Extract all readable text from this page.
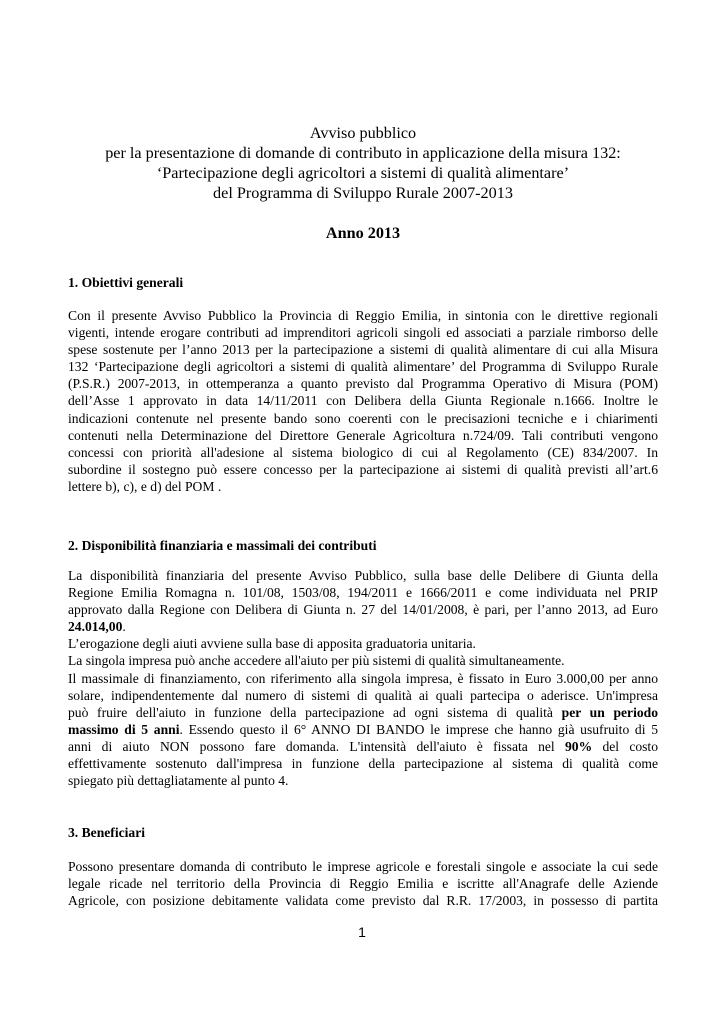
Avviso pubblico
per la presentazione di domande di contributo in applicazione della misura 132:
‘Partecipazione degli agricoltori a sistemi di qualità alimentare’
del Programma di Sviluppo Rurale 2007-2013
Anno 2013
1. Obiettivi generali
Con il presente Avviso Pubblico la Provincia di Reggio Emilia, in sintonia con le direttive regionali
vigenti, intende erogare contributi ad imprenditori agricoli singoli ed associati a parziale rimborso delle
spese sostenute per l’anno 2013 per la partecipazione a sistemi di qualità alimentare di cui alla Misura
132 ‘Partecipazione degli agricoltori a sistemi di qualità alimentare’ del Programma di Sviluppo Rurale
(P.S.R.) 2007-2013, in ottemperanza a quanto previsto dal Programma Operativo di Misura (POM)
dell’Asse 1 approvato in data 14/11/2011 con Delibera della Giunta Regionale n.1666. Inoltre le
indicazioni contenute nel presente bando sono coerenti con le precisazioni tecniche e i chiarimenti
contenuti nella Determinazione del Direttore Generale Agricoltura n.724/09. Tali contributi vengono
concessi con priorità all'adesione al sistema biologico di cui al Regolamento (CE) 834/2007. In
subordine il sostegno può essere concesso per la partecipazione ai sistemi di qualità previsti all’art.6
lettere b), c), e d) del POM .
2. Disponibilità finanziaria e massimali dei contributi
La disponibilità finanziaria del presente Avviso Pubblico, sulla base delle Delibere di Giunta della
Regione Emilia Romagna n. 101/08, 1503/08, 194/2011 e 1666/2011 e come individuata nel PRIP
approvato dalla Regione con Delibera di Giunta n. 27 del 14/01/2008, è pari, per l’anno 2013, ad Euro
24.014,00.
L’erogazione degli aiuti avviene sulla base di apposita graduatoria unitaria.
La singola impresa può anche accedere all'aiuto per più sistemi di qualità simultaneamente.
Il massimale di finanziamento, con riferimento alla singola impresa, è fissato in Euro 3.000,00 per anno
solare, indipendentemente dal numero di sistemi di qualità ai quali partecipa o aderisce. Un'impresa
può fruire dell'aiuto in funzione della partecipazione ad ogni sistema di qualità per un periodo
massimo di 5 anni. Essendo questo il 6° ANNO DI BANDO le imprese che hanno già usufruito di 5
anni di aiuto NON possono fare domanda. L'intensità dell'aiuto è fissata nel 90% del costo
effettivamente sostenuto dall'impresa in funzione della partecipazione al sistema di qualità come
spiegato più dettagliatamente al punto 4.
3. Beneficiari
Possono presentare domanda di contributo le imprese agricole e forestali singole e associate la cui sede
legale ricade nel territorio della Provincia di Reggio Emilia e iscritte all'Anagrafe delle Aziende
Agricole, con posizione debitamente validata come previsto dal R.R. 17/2003, in possesso di partita
1
